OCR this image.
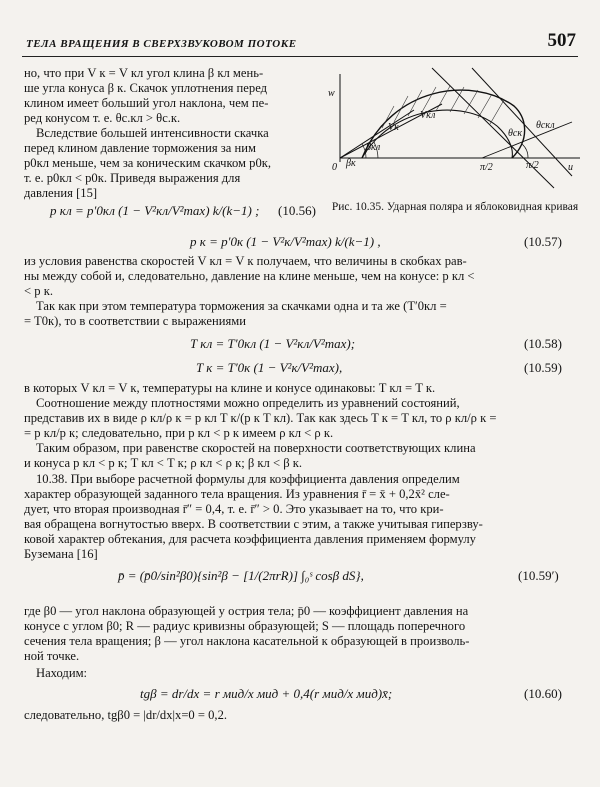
ТЕЛА ВРАЩЕНИЯ В СВЕРХЗВУКОВОМ ПОТОКЕ	507
w
u
Vк
Vкл
θск
θскл
βк
βкл
π/2	π/2
0
Рис. 10.35. Ударная поляра и яблоковидная кривая
но, что при V к = V кл угол клина β кл мень-
ше угла конуса β к. Скачок уплотнения перед
клином имеет больший угол наклона, чем пе-
ред конусом т. е. θс.кл > θс.к.
Вследствие большей интенсивности скачка
перед клином давление торможения за ним
p0кл меньше, чем за коническим скачком p0к,
т. е. p0кл < p0к. Приведя выражения для
давления [15]
p кл = p′0кл (1 − V²кл/V²max) k/(k−1) ; (10.56)
p к = p′0к (1 − V²к/V²max) k/(k−1) ,	(10.57)
из условия равенства скоростей V кл = V к получаем, что величины в скобках рав-
ны между собой и, следовательно, давление на клине меньше, чем на конусе: p кл <
< p к.
Так как при этом температура торможения за скачками одна и та же (T′0кл =
= T0к), то в соответствии с выражениями
T кл = T′0кл (1 − V²кл/V²max);	(10.58)
T к = T′0к (1 − V²к/V²max),	(10.59)
в которых V кл = V к, температуры на клине и конусе одинаковы: T кл = T к.
Соотношение между плотностями можно определить из уравнений состояний,
представив их в виде ρ кл/ρ к = p кл T к/(p к T кл). Так как здесь T к = T кл, то ρ кл/ρ к =
= p кл/p к; следовательно, при p кл < p к имеем ρ кл < ρ к.
Таким образом, при равенстве скоростей на поверхности соответствующих клина
и конуса p кл < p к; T кл < T к; ρ кл < ρ к; β кл < β к.
10.38. При выборе расчетной формулы для коэффициента давления определим
характер образующей заданного тела вращения. Из уравнения r̄ = x̄ + 0,2x̄² сле-
дует, что вторая производная r̄″ = 0,4, т. е. r̄″ > 0. Это указывает на то, что кри-
вая обращена вогнутостью вверх. В соответствии с этим, а также учитывая гиперзву-
ковой характер обтекания, для расчета коэффициента давления применяем формулу
Буземана [16]
p̄ = (p̄0/sin²β0){sin²β − [1/(2πrR)] ∫₀ˢ cosβ dS},	(10.59′)
где β0 — угол наклона образующей у острия тела; p̄0 — коэффициент давления на
конусе с углом β0; R — радиус кривизны образующей; S — площадь поперечного
сечения тела вращения; β — угол наклона касательной к образующей в произволь-
ной точке.
Находим:
tgβ = dr/dx = r мид/x мид + 0,4(r мид/x мид)x̄;	(10.60)
следовательно, tgβ0 = |dr/dx|x=0 = 0,2.
